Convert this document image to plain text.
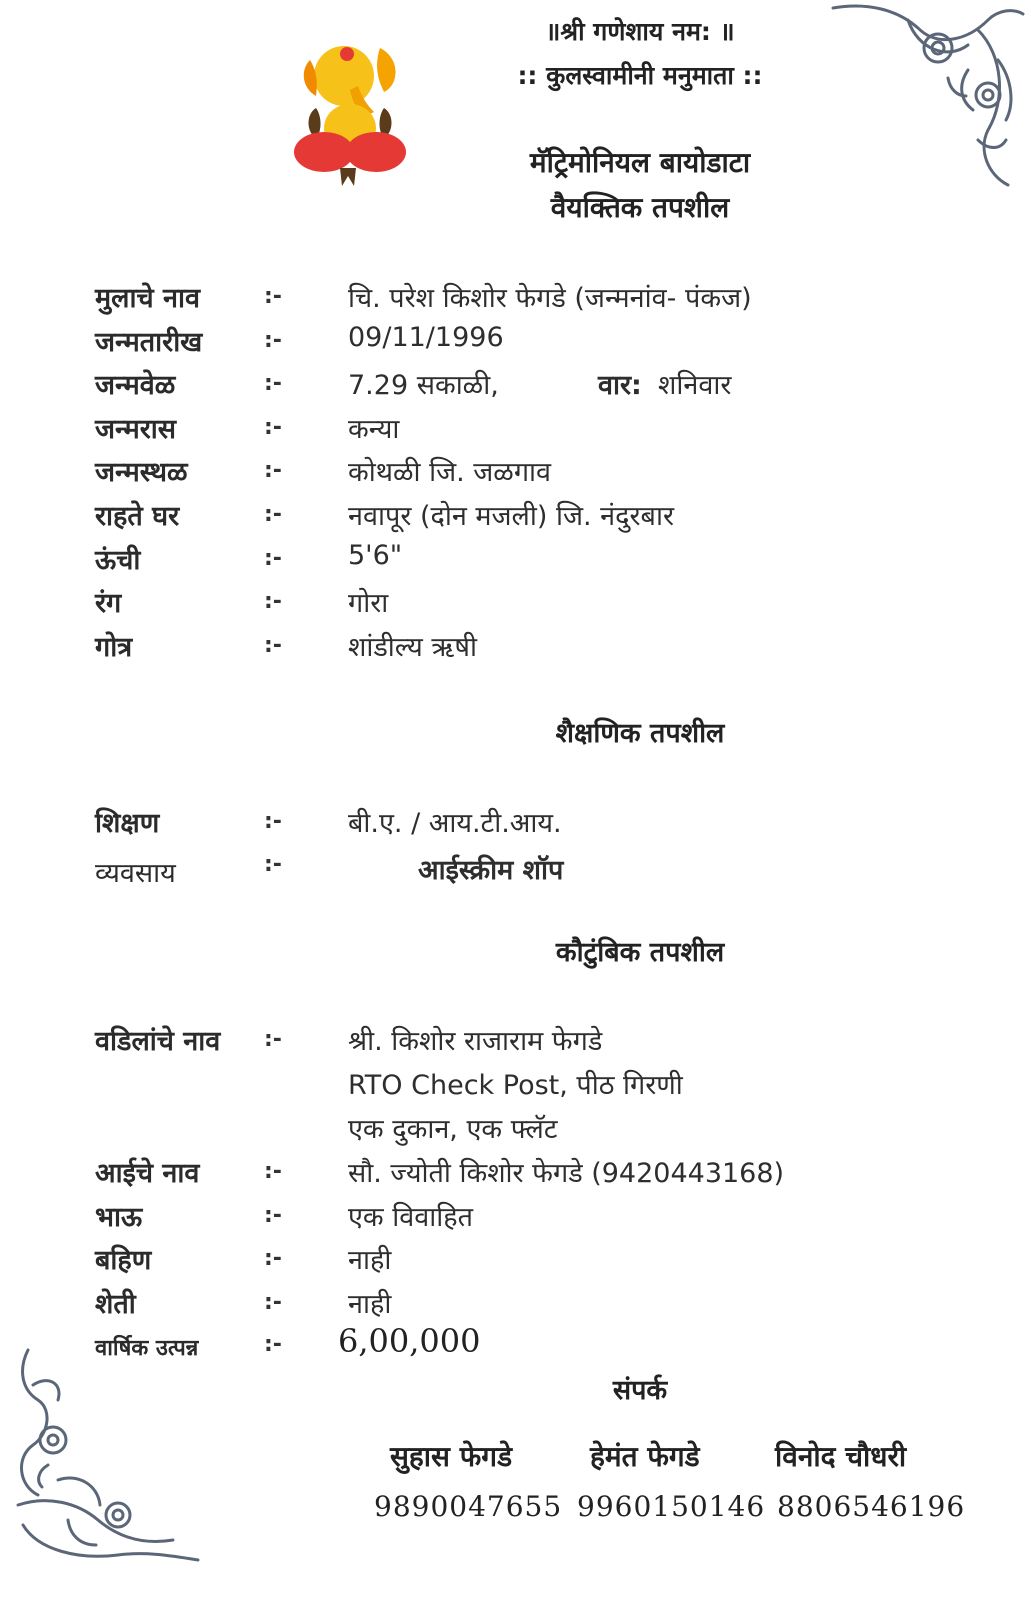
॥श्री गणेशाय नम: ॥
:: कुलस्वामीनी मनुमाता ::
मॅट्रिमोनियल बायोडाटा
वैयक्तिक तपशील
मुलाचे नाव	:- चि. परेश किशोर फेगडे (जन्मनांव- पंकज)
जन्मतारीख	:- 09/11/1996
जन्मवेळ	:- 7.29 सकाळी,	वार: शनिवार
जन्मरास	:- कन्या
जन्मस्थळ	:- कोथळी जि. जळगाव
राहते घर	:- नवापूर (दोन मजली) जि. नंदुरबार
ऊंची	:- 5'6"
रंग	:- गोरा
गोत्र	:- शांडील्य ऋषी
शैक्षणिक तपशील
शिक्षण	:- बी.ए. / आय.टी.आय.
व्यवसाय	:-	आईस्क्रीम शॉप
कौटुंबिक तपशील
वडिलांचे नाव :- श्री. किशोर राजाराम फेगडे
RTO Check Post, पीठ गिरणी
एक दुकान, एक फ्लॅट
आईचे नाव	:- सौ. ज्योती किशोर फेगडे (9420443168)
भाऊ	:- एक विवाहित
बहिण	:- नाही
शेती	:- नाही
वार्षिक उत्पन्न	:- 6,00,000
संपर्क
सुहास फेगडे	हेमंत फेगडे	विनोद चौधरी
9890047655 9960150146 8806546196
